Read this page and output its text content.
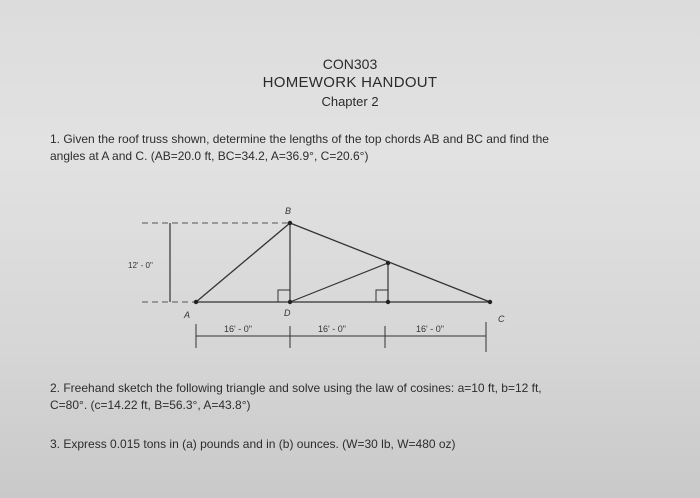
CON303
HOMEWORK HANDOUT
Chapter 2
1. Given the roof truss shown, determine the lengths of the top chords AB and BC and find the
angles at A and C. (AB=20.0 ft, BC=34.2, A=36.9°, C=20.6°)
12' - 0"
A
B
D
C
16' - 0"	16' - 0"	16' - 0"
2. Freehand sketch the following triangle and solve using the law of cosines: a=10 ft, b=12 ft,
C=80°. (c=14.22 ft, B=56.3°, A=43.8°)
3. Express 0.015 tons in (a) pounds and in (b) ounces. (W=30 lb, W=480 oz)
